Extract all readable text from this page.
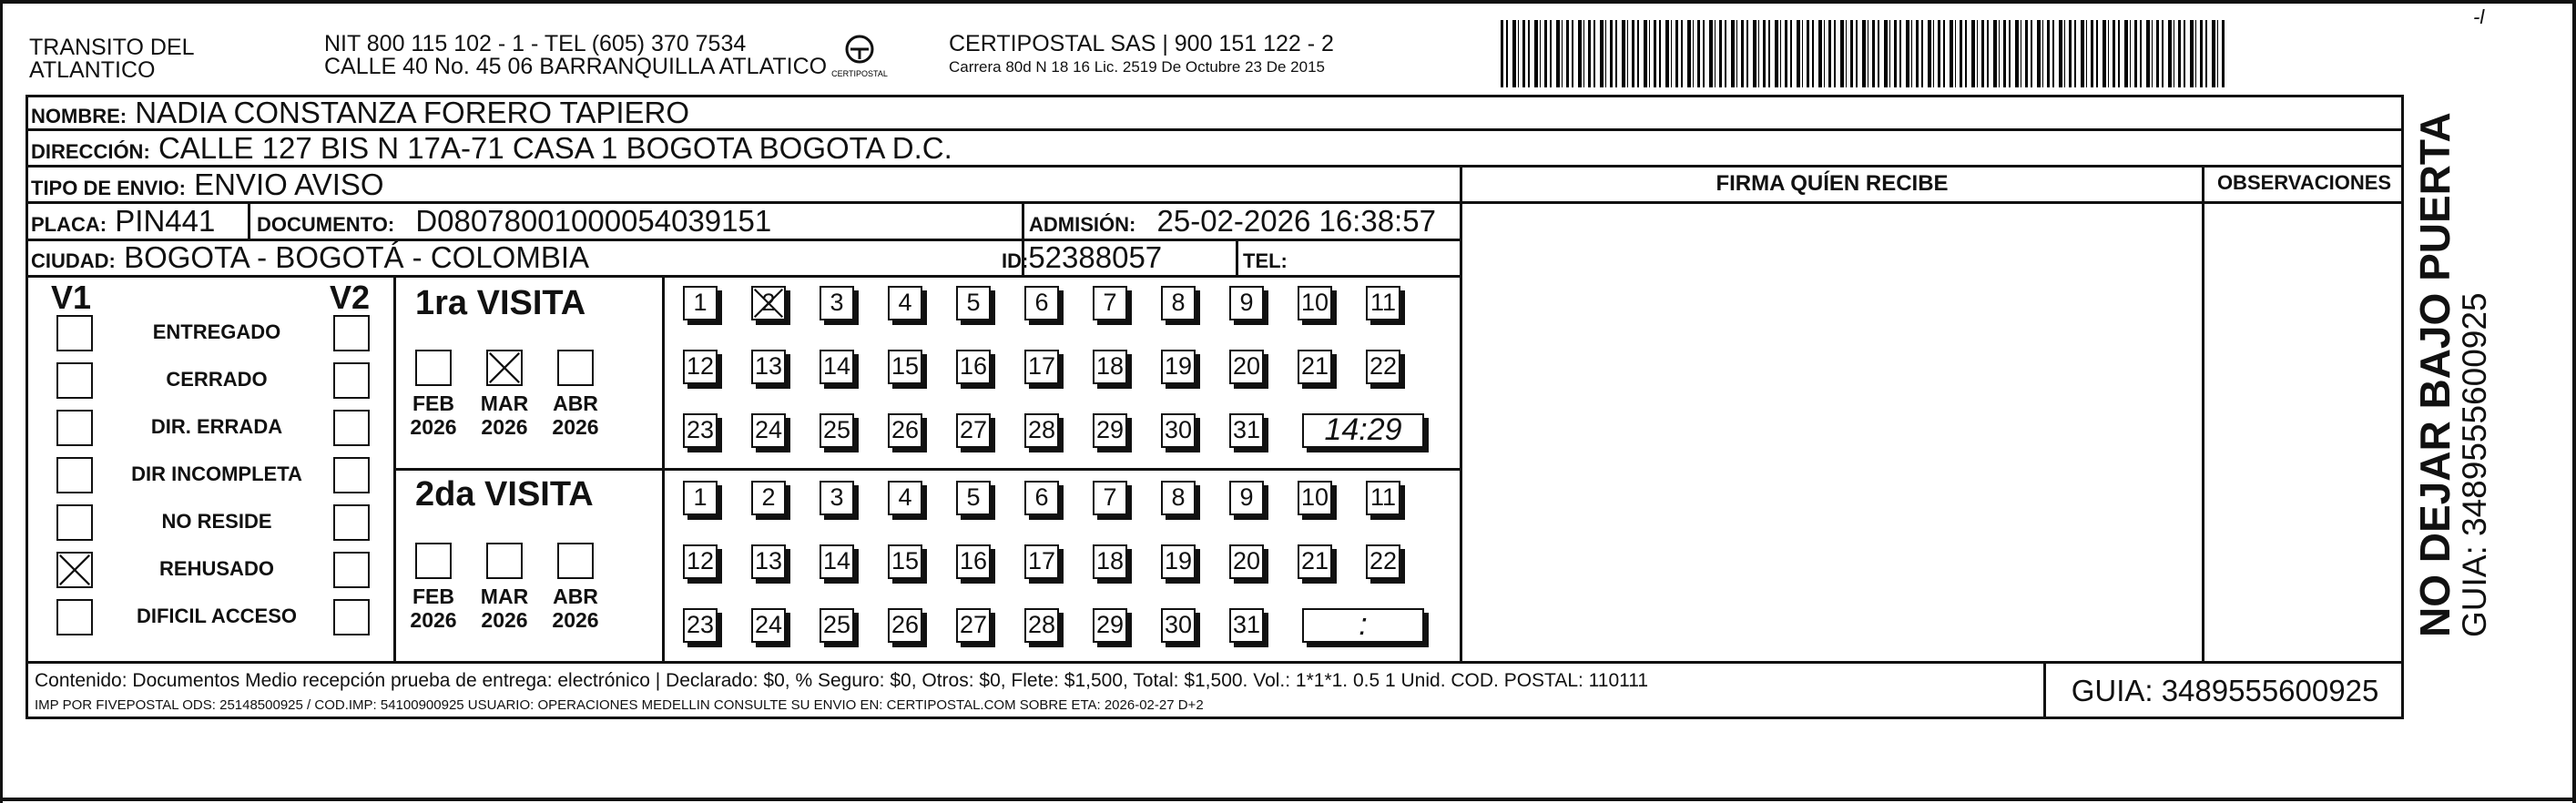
TRANSITO DEL
ATLANTICO
NIT 800 115 102 - 1 - TEL (605) 370 7534
CALLE 40 No. 45 06 BARRANQUILLA ATLATICO CERTIPOSTAL
CERTIPOSTAL SAS | 900 151 122 - 2
Carrera 80d N 18 16 Lic. 2519 De Octubre 23 De 2015
-l
NOMBRE: NADIA CONSTANZA FORERO TAPIERO
DIRECCIÓN: CALLE 127 BIS N 17A-71 CASA 1 BOGOTA BOGOTA D.C.
TIPO DE ENVIO: ENVIO AVISO
PLACA: PIN441 DOCUMENTO: D08078001000054039151	ADMISIÓN: 25-02-2026 16:38:57
CIUDAD: BOGOTA - BOGOTÁ - COLOMBIA	ID:52388057	TEL:
FIRMA QUÍEN RECIBE	OBSERVACIONES
V1	V2
ENTREGADO
CERRADO
DIR. ERRADA
DIR INCOMPLETA
NO RESIDE
REHUSADO
DIFICIL ACCESO
1ra VISITA
FEB
2026
MAR
2026
ABR
2026
1	2	3	4	5	6	7	8	9	10 11
12 13 14 15 16 17 18 19 20 21 22
23 24 25 26 27 28 29 30 31	14:29
2da VISITA
FEB
2026
MAR
2026
ABR
2026
1	2	3	4	5	6	7	8	9	10 11
12 13 14 15 16 17 18 19 20 21 22
23 24 25 26 27 28 29 30 31	:
Contenido: Documentos Medio recepción prueba de entrega: electrónico | Declarado: $0, % Seguro: $0, Otros: $0, Flete: $1,500, Total: $1,500. Vol.: 1*1*1. 0.5 1 Unid. COD. POSTAL: 110111
IMP POR FIVEPOSTAL ODS: 25148500925 / COD.IMP: 54100900925 USUARIO: OPERACIONES MEDELLIN CONSULTE SU ENVIO EN: CERTIPOSTAL.COM SOBRE ETA: 2026-02-27 D+2	GUIA: 3489555600925
NO DEJAR BAJO PUERTA
GUIA: 3489555600925
